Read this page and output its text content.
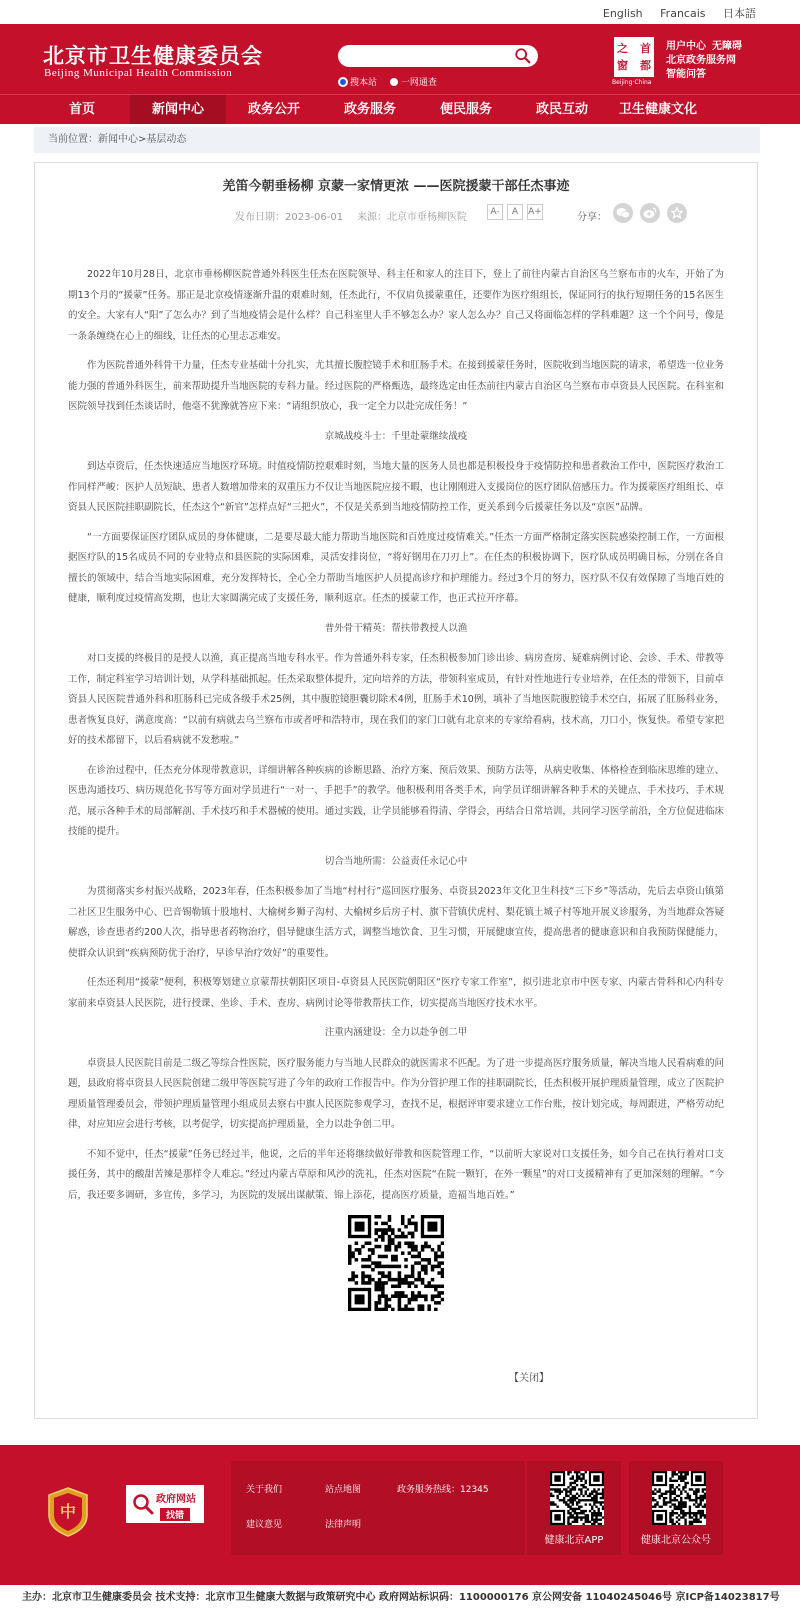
English Francais 日本語
北京市卫生健康委员会
Beijing Municipal Health Commission
搜本站
	一网通查
之 首
窗 都
Beijing·China
用户中心 无障碍
北京政务服务网
智能问答
首页	新闻中心	政务公开	政务服务	便民服务	政民互动	卫生健康文化
当前位置：新闻中心>基层动态
羌笛今朝垂杨柳 京蒙一家情更浓 ——医院援蒙干部任杰事迹
发布日期：2023-06-01 来源：北京市垂杨柳医院	A-	A	A+	分享：

2022年10月28日，北京市垂杨柳医院普通外科医生任杰在医院领导、科主任和家人的注目下，登上了前往内蒙古自治区乌兰察布市的火车，开始了为期13个月的“援蒙”任务。那正是北京疫情逐渐升温的艰难时刻，任杰此行，不仅肩负援蒙重任，还要作为医疗组组长，保证同行的执行短期任务的15名医生的安全。大家有人“阳”了怎么办？到了当地疫情会是什么样？自己科室里人手不够怎么办？家人怎么办？自己又将面临怎样的学科难题？这一个个问号，像是一条条缠绕在心上的细线，让任杰的心里忐忑难安。

作为医院普通外科骨干力量，任杰专业基础十分扎实，尤其擅长腹腔镜手术和肛肠手术。在接到援蒙任务时，医院收到当地医院的请求，希望选一位业务能力强的普通外科医生，前来帮助提升当地医院的专科力量。经过医院的严格甄选，最终选定由任杰前往内蒙古自治区乌兰察布市卓资县人民医院。在科室和医院领导找到任杰谈话时，他毫不犹豫就答应下来：“请组织放心，我一定全力以赴完成任务！”

京城战疫斗士：千里赴蒙继续战疫

到达卓资后，任杰快速适应当地医疗环境。时值疫情防控艰难时刻，当地大量的医务人员也都是积极投身于疫情防控和患者救治工作中，医院医疗救治工作同样严峻：医护人员短缺、患者人数增加带来的双重压力不仅让当地医院应接不暇，也让刚刚进入支援岗位的医疗团队倍感压力。作为援蒙医疗组组长、卓资县人民医院挂职副院长，任杰这个“新官”怎样点好“三把火”，不仅是关系到当地疫情防控工作，更关系到今后援蒙任务以及“京医”品牌。

“一方面要保证医疗团队成员的身体健康，二是要尽最大能力帮助当地医院和百姓度过疫情难关。”任杰一方面严格制定落实医院感染控制工作，一方面根据医疗队的15名成员不同的专业特点和县医院的实际困难，灵活安排岗位，“将好钢用在刀刃上”。在任杰的积极协调下，医疗队成员明确目标，分别在各自擅长的领域中，结合当地实际困难，充分发挥特长，全心全力帮助当地医护人员提高诊疗和护理能力。经过3个月的努力，医疗队不仅有效保障了当地百姓的健康，顺利度过疫情高发期，也让大家圆满完成了支援任务，顺利返京。任杰的援蒙工作，也正式拉开序幕。

普外骨干精英：帮扶带教授人以渔

对口支援的终极目的是授人以渔，真正提高当地专科水平。作为普通外科专家，任杰积极参加门诊出诊、病房查房、疑难病例讨论、会诊、手术、带教等工作，制定科室学习培训计划，从学科基础抓起。任杰采取整体提升，定向培养的方法，带领科室成员，有针对性地进行专业培养，在任杰的带领下，目前卓资县人民医院普通外科和肛肠科已完成各级手术25例，其中腹腔镜胆囊切除术4例，肛肠手术10例，填补了当地医院腹腔镜手术空白，拓展了肛肠科业务，患者恢复良好，满意度高：“以前有病就去乌兰察布市或者呼和浩特市，现在我们的家门口就有北京来的专家给看病，技术高，刀口小，恢复快。希望专家把好的技术都留下，以后看病就不发愁啦。”

在诊治过程中，任杰充分体现带教意识，详细讲解各种疾病的诊断思路、治疗方案、预后效果、预防方法等，从病史收集、体格检查到临床思维的建立、医患沟通技巧、病历规范化书写等方面对学员进行“一对一、手把手”的教学。他积极利用各类手术，向学员详细讲解各种手术的关键点、手术技巧、手术规范，展示各种手术的局部解剖、手术技巧和手术器械的使用。通过实践，让学员能够看得清、学得会，再结合日常培训，共同学习医学前沿，全方位促进临床技能的提升。

切合当地所需：公益责任永记心中

为贯彻落实乡村振兴战略，2023年春，任杰积极参加了当地“村村行”巡回医疗服务、卓资县2023年文化卫生科技“三下乡”等活动，先后去卓资山镇第二社区卫生服务中心、巴音锡勒镇十股地村、大榆树乡狮子沟村、大榆树乡后房子村、旗下营镇伏虎村、梨花镇土城子村等地开展义诊服务，为当地群众答疑解惑，诊查患者约200人次，指导患者药物治疗，倡导健康生活方式，调整当地饮食、卫生习惯，开展健康宣传，提高患者的健康意识和自我预防保健能力，使群众认识到“疾病预防优于治疗，早诊早治疗效好”的重要性。

任杰还利用“援蒙”便利，积极筹划建立京蒙帮扶朝阳区项目-卓资县人民医院朝阳区“医疗专家工作室”，拟引进北京市中医专家、内蒙古骨科和心内科专家前来卓资县人民医院，进行授课、坐诊、手术、查房、病例讨论等带教帮扶工作，切实提高当地医疗技术水平。

注重内涵建设：全力以赴争创二甲

卓资县人民医院目前是二级乙等综合性医院，医疗服务能力与当地人民群众的就医需求不匹配。为了进一步提高医疗服务质量，解决当地人民看病难的问题，县政府将卓资县人民医院创建二级甲等医院写进了今年的政府工作报告中。作为分管护理工作的挂职副院长，任杰积极开展护理质量管理，成立了医院护理质量管理委员会，带领护理质量管理小组成员去察右中旗人民医院参观学习，查找不足，根据评审要求建立工作台账，按计划完成，每周跟进，严格劳动纪律，对应知应会进行考核，以考促学，切实提高护理质量，全力以赴争创二甲。

不知不觉中，任杰“援蒙”任务已经过半，他说，之后的半年还将继续做好带教和医院管理工作，“以前听大家说对口支援任务，如今自己在执行着对口支援任务，其中的酸甜苦辣是那样令人难忘。”经过内蒙古草原和风沙的洗礼，任杰对医院“在院一颗钉，在外一颗星”的对口支援精神有了更加深刻的理解。“今后，我还要多调研，多宣传，多学习，为医院的发展出谋献策、锦上添花，提高医疗质量，造福当地百姓。”

【关闭】
中
政府网站
找错
关于我们	站点地图	政务服务热线：12345
建议意见	法律声明
健康北京APP	健康北京公众号
主办：北京市卫生健康委员会 技术支持：北京市卫生健康大数据与政策研究中心 政府网站标识码：1100000176 京公网安备 11040245046号 京ICP备14023817号
